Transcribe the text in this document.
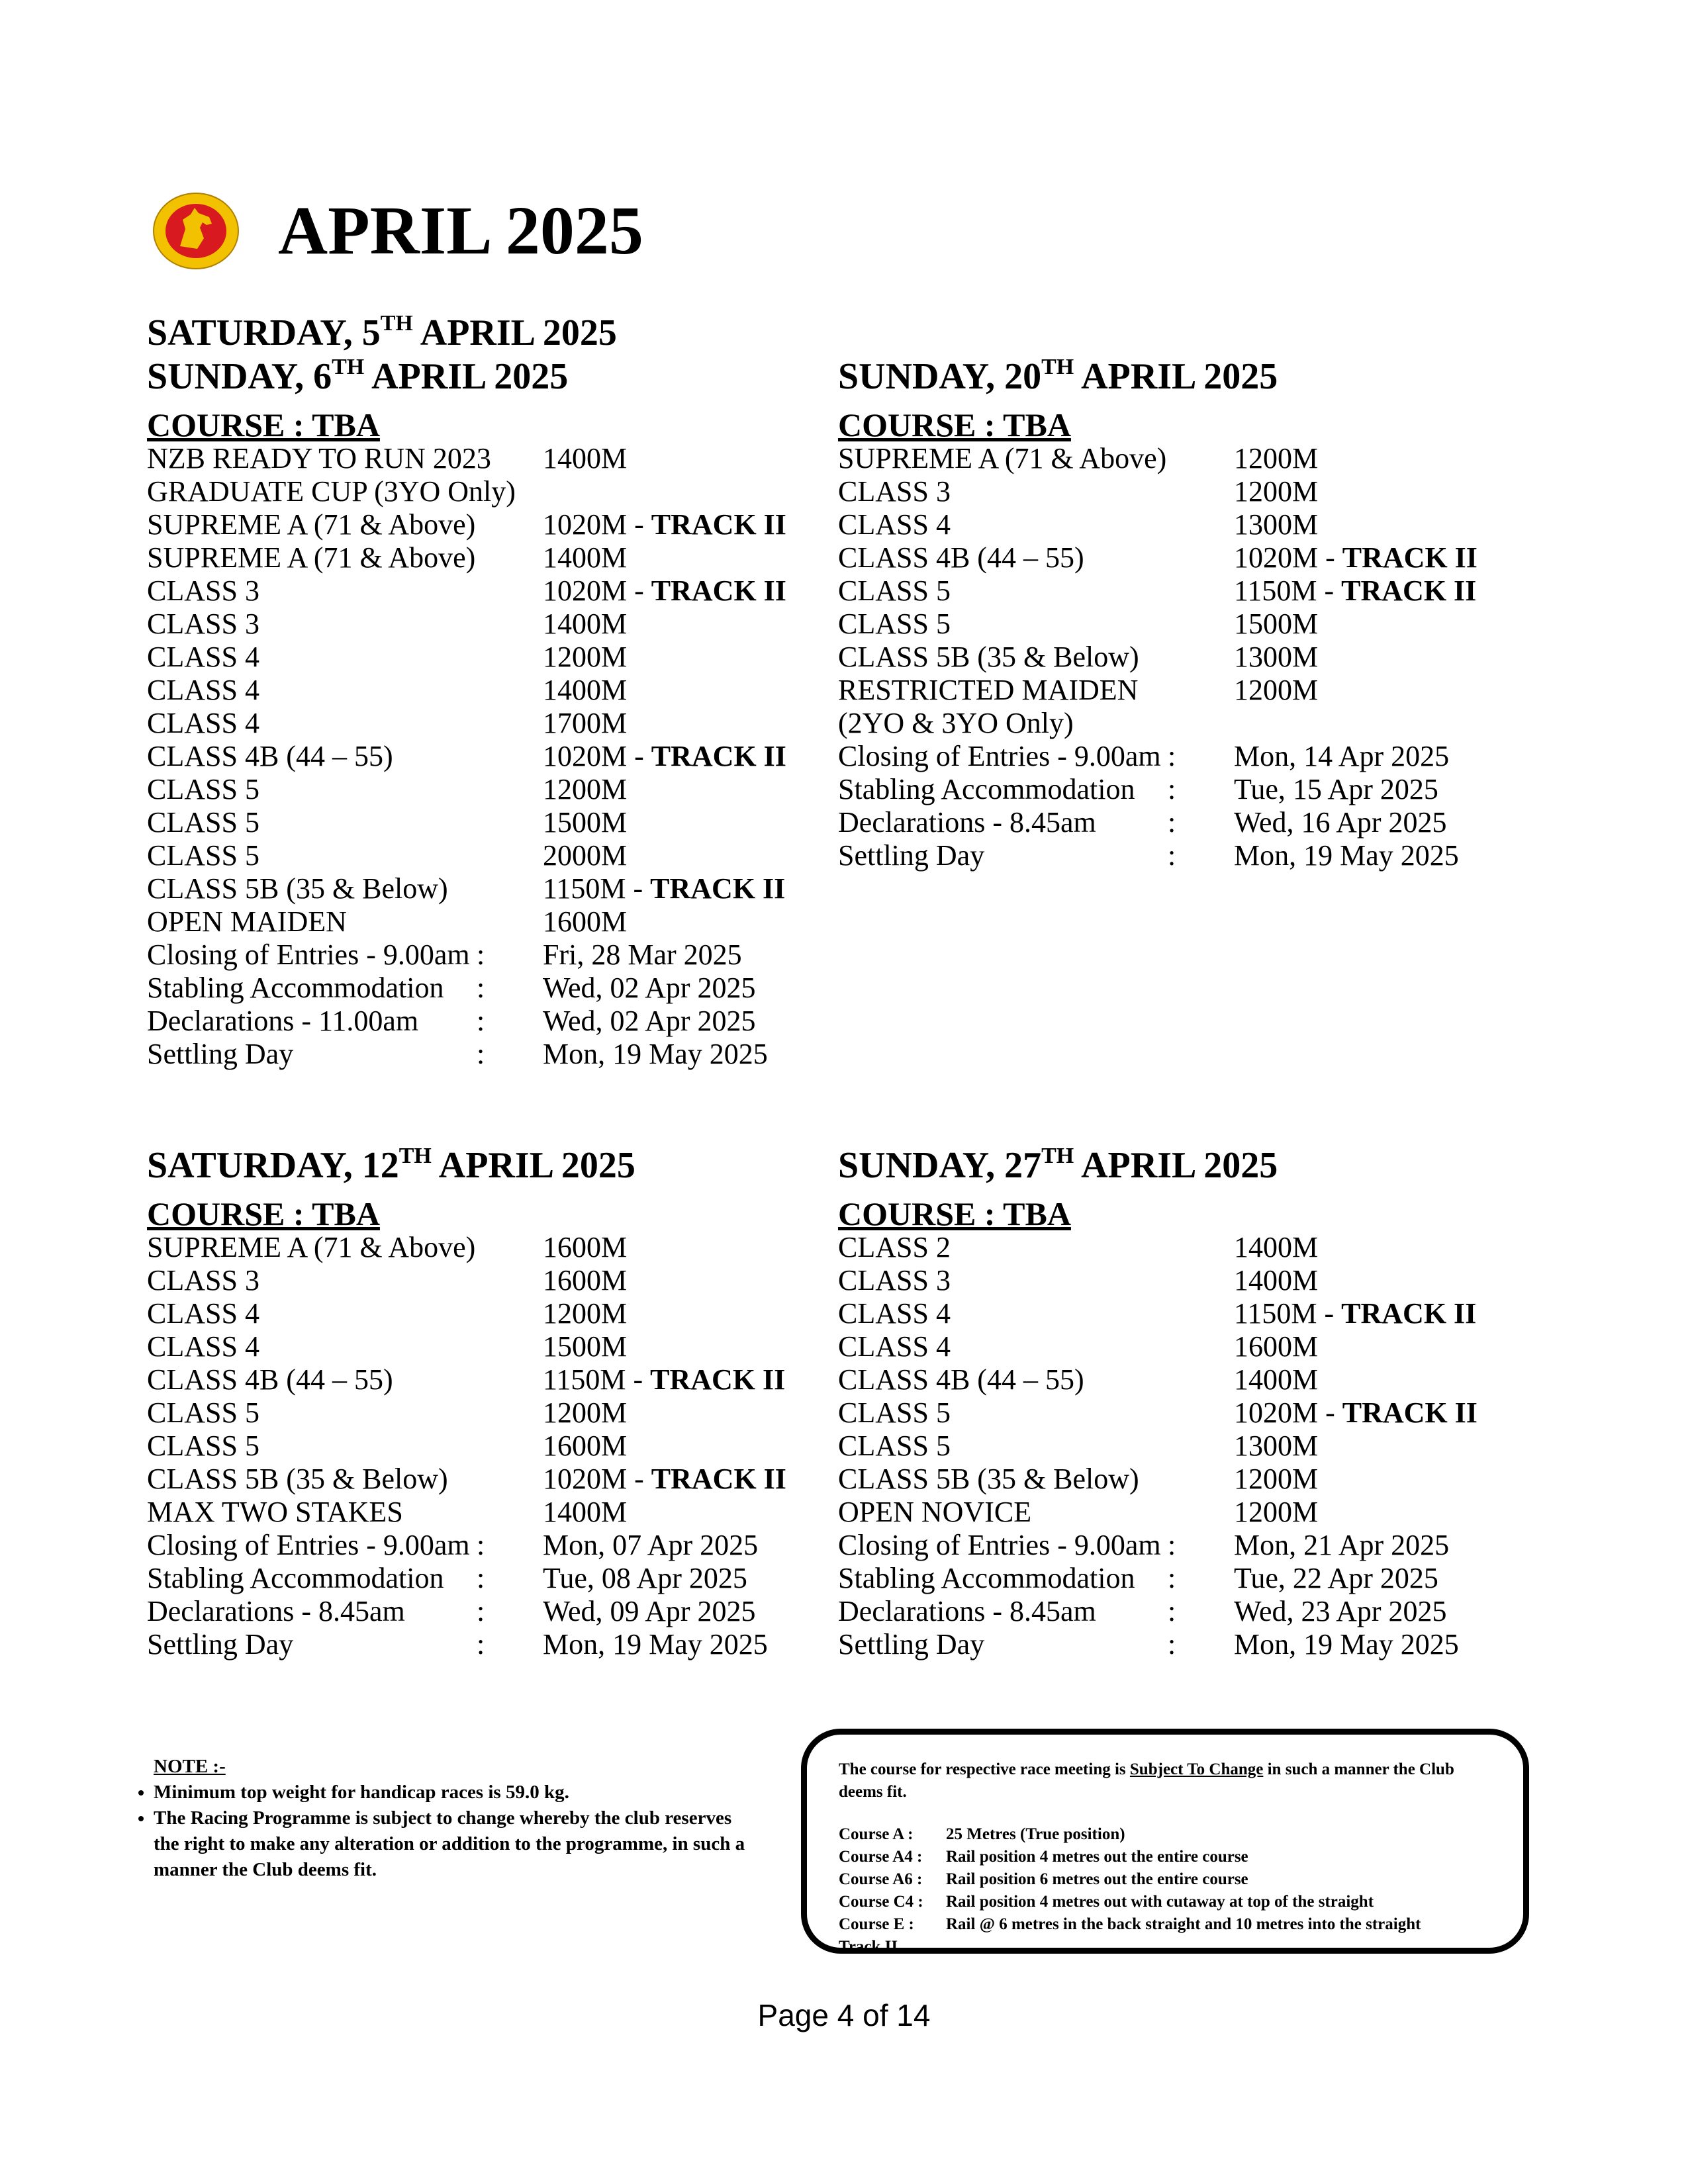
APRIL 2025
SATURDAY, 5TH APRIL 2025
SUNDAY, 6TH APRIL 2025
COURSE : TBA
NZB READY TO RUN 2023	1400M
GRADUATE CUP (3YO Only)
SUPREME A (71 & Above)	1020M - TRACK II
SUPREME A (71 & Above)	1400M
CLASS 3	1020M - TRACK II
CLASS 3	1400M
CLASS 4	1200M
CLASS 4	1400M
CLASS 4	1700M
CLASS 4B (44 – 55)	1020M - TRACK II
CLASS 5	1200M
CLASS 5	1500M
CLASS 5	2000M
CLASS 5B (35 & Below)	1150M - TRACK II
OPEN MAIDEN	1600M
Closing of Entries - 9.00am :	Fri, 28 Mar 2025
Stabling Accommodation	:	Wed, 02 Apr 2025
Declarations - 11.00am	:	Wed, 02 Apr 2025
Settling Day	:	Mon, 19 May 2025
SUNDAY, 20TH APRIL 2025
COURSE : TBA
SUPREME A (71 & Above)	1200M
CLASS 3	1200M
CLASS 4	1300M
CLASS 4B (44 – 55)	1020M - TRACK II
CLASS 5	1150M - TRACK II
CLASS 5	1500M
CLASS 5B (35 & Below)	1300M
RESTRICTED MAIDEN	1200M
(2YO & 3YO Only)
Closing of Entries - 9.00am :	Mon, 14 Apr 2025
Stabling Accommodation	:	Tue, 15 Apr 2025
Declarations - 8.45am	:	Wed, 16 Apr 2025
Settling Day	:	Mon, 19 May 2025
SATURDAY, 12TH APRIL 2025
COURSE : TBA
SUPREME A (71 & Above)	1600M
CLASS 3	1600M
CLASS 4	1200M
CLASS 4	1500M
CLASS 4B (44 – 55)	1150M - TRACK II
CLASS 5	1200M
CLASS 5	1600M
CLASS 5B (35 & Below)	1020M - TRACK II
MAX TWO STAKES	1400M
Closing of Entries - 9.00am :	Mon, 07 Apr 2025
Stabling Accommodation	:	Tue, 08 Apr 2025
Declarations - 8.45am	:	Wed, 09 Apr 2025
Settling Day	:	Mon, 19 May 2025
SUNDAY, 27TH APRIL 2025
COURSE : TBA
CLASS 2	1400M
CLASS 3	1400M
CLASS 4	1150M - TRACK II
CLASS 4	1600M
CLASS 4B (44 – 55)	1400M
CLASS 5	1020M - TRACK II
CLASS 5	1300M
CLASS 5B (35 & Below)	1200M
OPEN NOVICE	1200M
Closing of Entries - 9.00am :	Mon, 21 Apr 2025
Stabling Accommodation	:	Tue, 22 Apr 2025
Declarations - 8.45am	:	Wed, 23 Apr 2025
Settling Day	:	Mon, 19 May 2025
NOTE :-
• Minimum top weight for handicap races is 59.0 kg.
• The Racing Programme is subject to change whereby the club reserves the right to make any alteration or addition to the programme, in such a manner the Club deems fit.
The course for respective race meeting is Subject To Change in such a manner the Club deems fit.
Course A :	25 Metres (True position)
Course A4 :	Rail position 4 metres out the entire course
Course A6 :	Rail position 6 metres out the entire course
Course C4 :	Rail position 4 metres out with cutaway at top of the straight
Course E :	Rail @ 6 metres in the back straight and 10 metres into the straight
Track II
Page 4 of 14
